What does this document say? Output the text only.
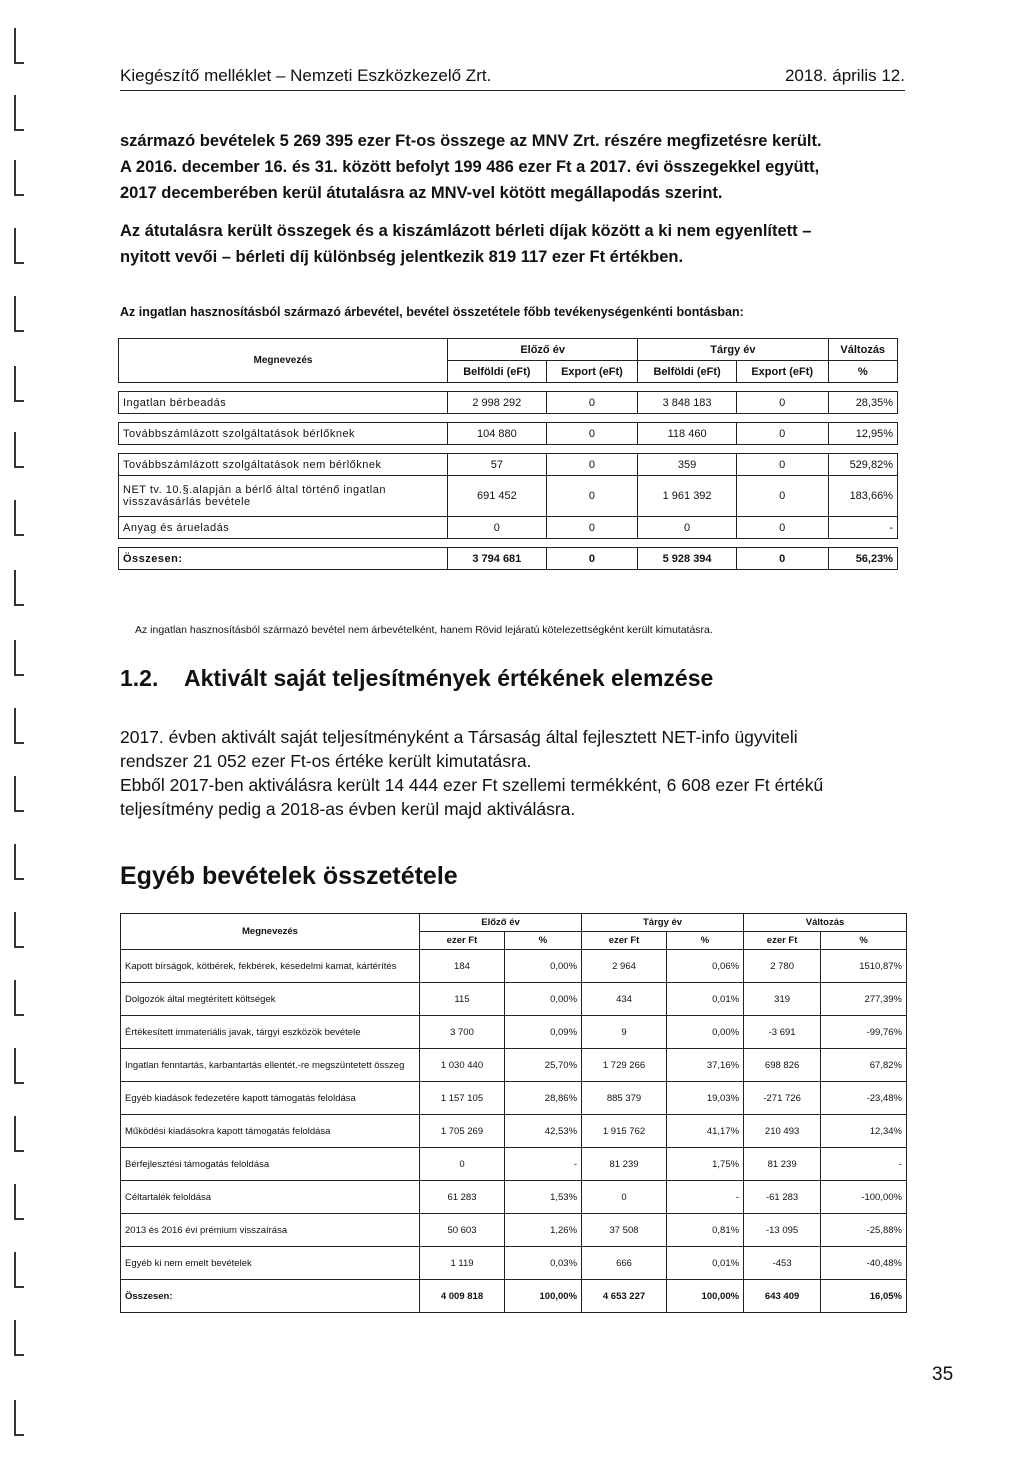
Kiegészítő melléklet – Nemzeti Eszközkezelő Zrt.	2018. április 12.
származó bevételek 5 269 395 ezer Ft-os összege az MNV Zrt. részére megfizetésre került.
A 2016. december 16. és 31. között befolyt 199 486 ezer Ft a 2017. évi összegekkel együtt,
2017 decemberében kerül átutalásra az MNV-vel kötött megállapodás szerint.
Az átutalásra került összegek és a kiszámlázott bérleti díjak között a ki nem egyenlített –
nyitott vevői – bérleti díj különbség jelentkezik 819 117 ezer Ft értékben.
Az ingatlan hasznosításból származó árbevétel, bevétel összetétele főbb tevékenységenkénti bontásban:
Megnevezés	Előző év		Tárgy év		Változás
	Belföldi (eFt)	Export (eFt)	Belföldi (eFt)	Export (eFt)	%

Ingatlan bérbeadás	2 998 292	0	3 848 183	0	28,35%

Továbbszámlázott szolgáltatások bérlőknek	104 880	0	118 460	0	12,95%

Továbbszámlázott szolgáltatások nem bérlőknek	57	0	359	0	529,82%
NET tv. 10.§.alapján a bérlő által történő ingatlan visszavásárlás bevétele	691 452	0	1 961 392	0	183,66%
Anyag és árueladás	0	0	0	0	-

Összesen:	3 794 681	0	5 928 394	0	56,23%
Az ingatlan hasznosításból származó bevétel nem árbevételként, hanem Rövid lejáratú kötelezettségként került kimutatásra.
1.2. Aktivált saját teljesítmények értékének elemzése
2017. évben aktivált saját teljesítményként a Társaság által fejlesztett NET-info ügyviteli
rendszer 21 052 ezer Ft-os értéke került kimutatásra.
Ebből 2017-ben aktiválásra került 14 444 ezer Ft szellemi termékként, 6 608 ezer Ft értékű
teljesítmény pedig a 2018-as évben kerül majd aktiválásra.
Egyéb bevételek összetétele
Megnevezés	Előző év		Tárgy év		Változás	
	ezer Ft	%	ezer Ft	%	ezer Ft	%
Kapott bírságok, kötbérek, fekbérek, késedelmi kamat, kártérítés	184	0,00%	2 964	0,06%	2 780	1510,87%
Dolgozók által megtérített költségek	115	0,00%	434	0,01%	319	277,39%
Értékesített immateriális javak, tárgyi eszközök bevétele	3 700	0,09%	9	0,00%	-3 691	-99,76%
Ingatlan fenntartás, karbantartás ellentét.-re megszüntetett összeg	1 030 440	25,70%	1 729 266	37,16%	698 826	67,82%
Egyéb kiadások fedezetére kapott támogatás feloldása	1 157 105	28,86%	885 379	19,03%	-271 726	-23,48%
Működési kiadásokra kapott támogatás feloldása	1 705 269	42,53%	1 915 762	41,17%	210 493	12,34%
Bérfejlesztési támogatás feloldása	0	-	81 239	1,75%	81 239	-
Céltartalék feloldása	61 283	1,53%	0	-	-61 283	-100,00%
2013 és 2016 évi prémium visszaírása	50 603	1,26%	37 508	0,81%	-13 095	-25,88%
Egyéb ki nem emelt bevételek	1 119	0,03%	666	0,01%	-453	-40,48%
Összesen:	4 009 818	100,00%	4 653 227	100,00%	643 409	16,05%
35
